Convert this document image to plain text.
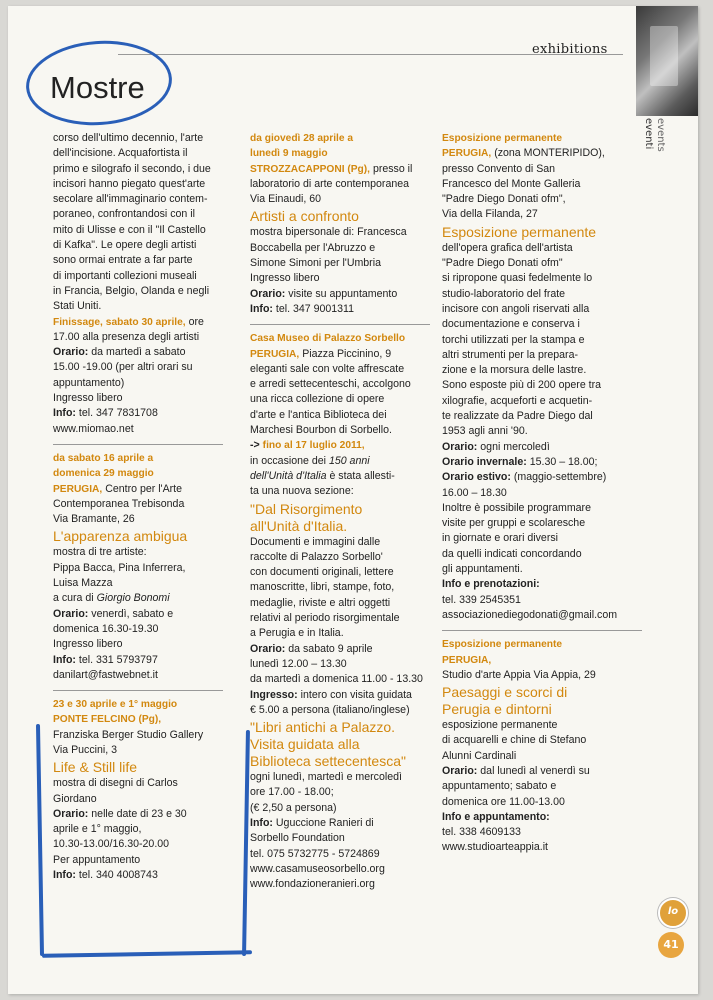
exhibitions
eventi events
Mostre

corso dell'ultimo decennio, l'arte

dell'incisione. Acquafortista il

primo e silografo il secondo, i due

incisori hanno piegato quest'arte

secolare all'immaginario contem-

poraneo, confrontandosi con il

mito di Ulisse e con il "Il Castello

di Kafka". Le opere degli artisti

sono ormai entrate a far parte

di importanti collezioni museali

in Francia, Belgio, Olanda e negli

Stati Uniti.

Finissage, sabato 30 aprile, ore

17.00 alla presenza degli artisti

Orario: da martedì a sabato

15.00 -19.00 (per altri orari su

appuntamento)

Ingresso libero

Info: tel. 347 7831708

www.miomao.net

da sabato 16 aprile a

domenica 29 maggio

PERUGIA, Centro per l'Arte

Contemporanea Trebisonda

Via Bramante, 26

L'apparenza ambigua

mostra di tre artiste:

Pippa Bacca, Pina Inferrera,

Luisa Mazza

a cura di Giorgio Bonomi

Orario: venerdì, sabato e

domenica 16.30-19.30

Ingresso libero

Info: tel. 331 5793797

danilart@fastwebnet.it

23 e 30 aprile e 1° maggio

PONTE FELCINO (Pg),

Franziska Berger Studio Gallery

Via Puccini, 3

Life & Still life

mostra di disegni di Carlos

Giordano

Orario: nelle date di 23 e 30

aprile e 1° maggio,

10.30-13.00/16.30-20.00

Per appuntamento

Info: tel. 340 4008743

da giovedì 28 aprile a

lunedì 9 maggio

STROZZACAPPONI (Pg), presso il

laboratorio di arte contemporanea

Via Einaudi, 60

Artisti a confronto

mostra bipersonale di: Francesca

Boccabella per l'Abruzzo e

Simone Simoni per l'Umbria

Ingresso libero

Orario: visite su appuntamento

Info: tel. 347 9001311

Casa Museo di Palazzo Sorbello

PERUGIA, Piazza Piccinino, 9

eleganti sale con volte affrescate

e arredi settecenteschi, accolgono

una ricca collezione di opere

d'arte e l'antica Biblioteca dei

Marchesi Bourbon di Sorbello.

-> fino al 17 luglio 2011,

in occasione dei 150 anni

dell'Unità d'Italia è stata allesti-

ta una nuova sezione:

"Dal Risorgimento

all'Unità d'Italia.

Documenti e immagini dalle

raccolte di Palazzo Sorbello'

con documenti originali, lettere

manoscritte, libri, stampe, foto,

medaglie, riviste e altri oggetti

relativi al periodo risorgimentale

a Perugia e in Italia.

Orario: da sabato 9 aprile

lunedì 12.00 – 13.30

da martedì a domenica 11.00 - 13.30

Ingresso: intero con visita guidata

€ 5.00 a persona (italiano/inglese)

"Libri antichi a Palazzo.

Visita guidata alla

Biblioteca settecentesca"

ogni lunedì, martedì e mercoledì

ore 17.00 - 18.00;

(€ 2,50 a persona)

Info: Uguccione Ranieri di

Sorbello Foundation

tel. 075 5732775 - 5724869

www.casamuseosorbello.org

www.fondazioneranieri.org

Esposizione permanente

PERUGIA, (zona MONTERIPIDO),

presso Convento di San

Francesco del Monte Galleria

"Padre Diego Donati ofm",

Via della Filanda, 27

Esposizione permanente

dell'opera grafica dell'artista

"Padre Diego Donati ofm"

si ripropone quasi fedelmente lo

studio-laboratorio del frate

incisore con angoli riservati alla

documentazione e conserva i

torchi utilizzati per la stampa e

altri strumenti per la prepara-

zione e la morsura delle lastre.

Sono esposte più di 200 opere tra

xilografie, acqueforti e acquetin-

te realizzate da Padre Diego dal

1953 agli anni '90.

Orario: ogni mercoledì

Orario invernale: 15.30 – 18.00;

Orario estivo: (maggio-settembre)

16.00 – 18.30

Inoltre è possibile programmare

visite per gruppi e scolaresche

in giornate e orari diversi

da quelli indicati concordando

gli appuntamenti.

Info e prenotazioni:

tel. 339 2545351

associazionediegodonati@gmail.com

Esposizione permanente

PERUGIA,

Studio d'arte Appia Via Appia, 29

Paesaggi e scorci di

Perugia e dintorni

esposizione permanente

di acquarelli e chine di Stefano

Alunni Cardinali

Orario: dal lunedì al venerdì su

appuntamento; sabato e

domenica ore 11.00-13.00

Info e appuntamento:

tel. 338 4609133

www.studioarteappia.it

lo
41
